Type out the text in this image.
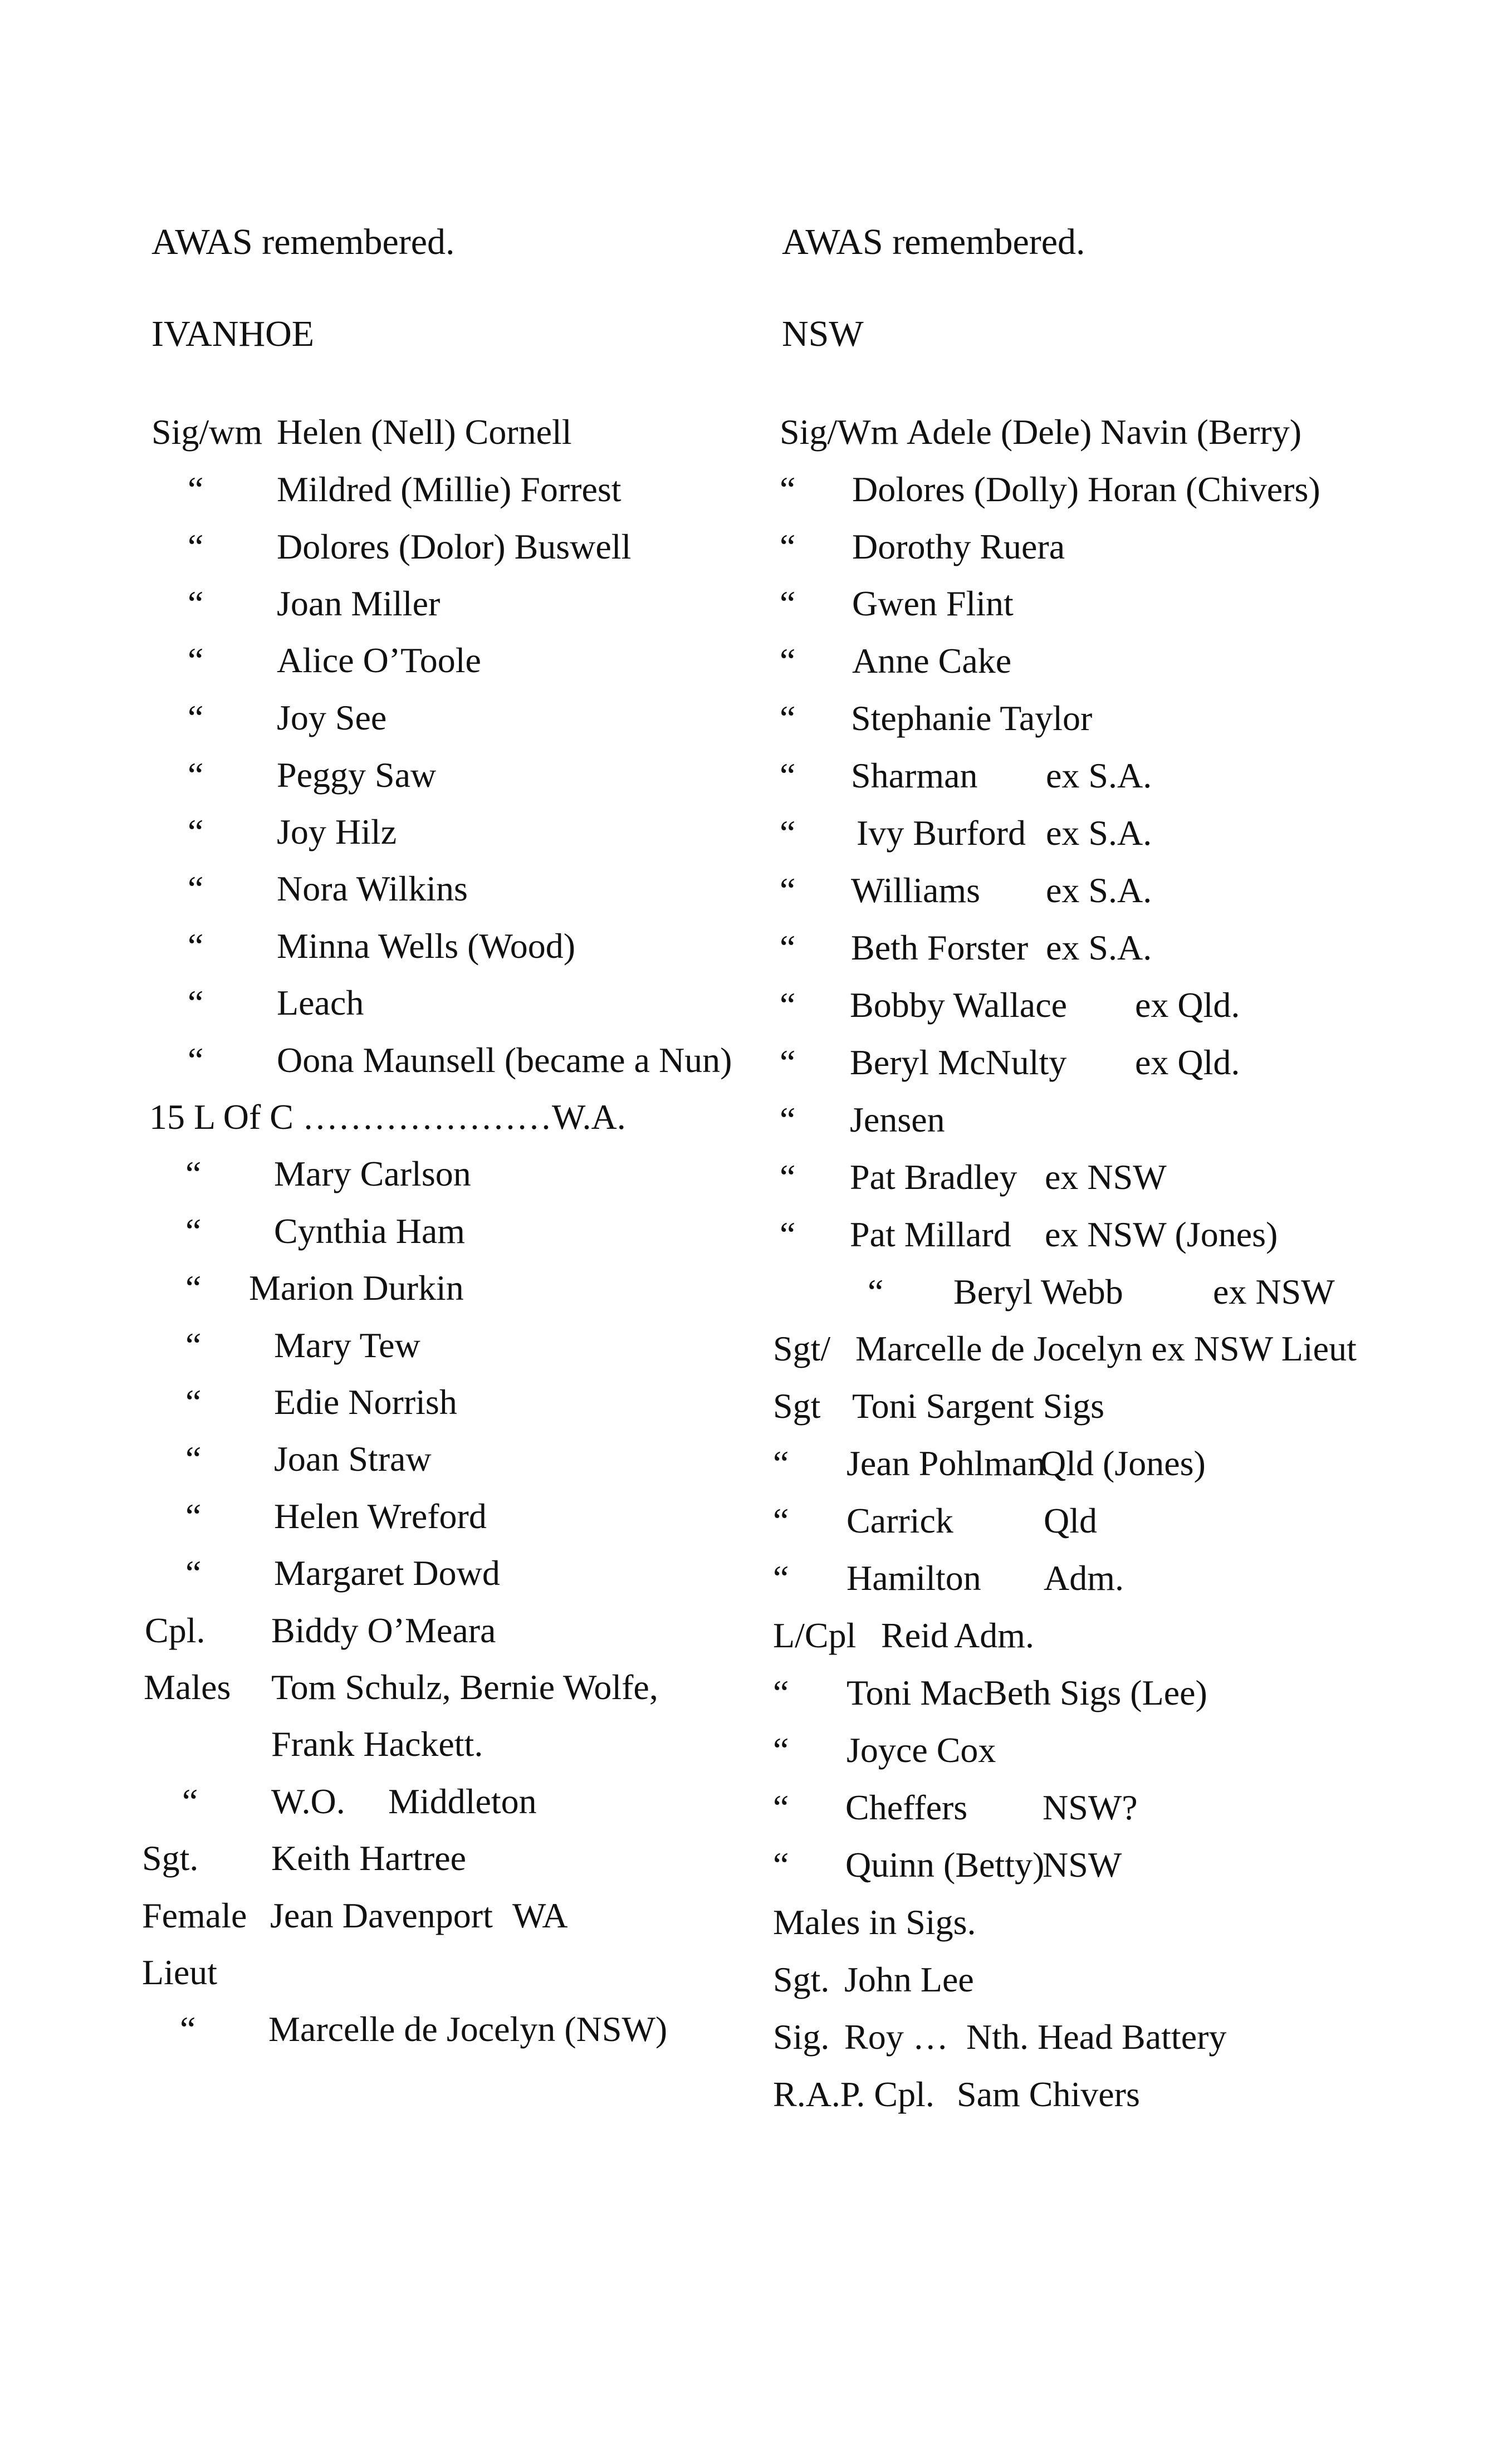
AWAS remembered.
IVANHOE
Sig/wm Helen (Nell) Cornell
“ Mildred (Millie) Forrest
“ Dolores (Dolor) Buswell
“ Joan Miller
“ Alice O’Toole
“ Joy See
“ Peggy Saw
“ Joy Hilz
“ Nora Wilkins
“ Minna Wells (Wood)
“ Leach
“ Oona Maunsell (became a Nun)
15 L Of C …………………W.A.
“ Mary Carlson
“ Cynthia Ham
“ Marion Durkin
“ Mary Tew
“ Edie Norrish
“ Joan Straw
“ Helen Wreford
“ Margaret Dowd
Cpl. Biddy O’Meara
Males Tom Schulz, Bernie Wolfe,
Frank Hackett.
“ W.O. Middleton
Sgt. Keith Hartree
Female Jean Davenport WA
Lieut
“ Marcelle de Jocelyn (NSW)
AWAS remembered.
NSW
Sig/Wm Adele (Dele) Navin (Berry)
“ Dolores (Dolly) Horan (Chivers)
“ Dorothy Ruera
“ Gwen Flint
“ Anne Cake
“ Stephanie Taylor
“ Sharman ex S.A.
“ Ivy Burford ex S.A.
“ Williams ex S.A.
“ Beth Forster ex S.A.
“ Bobby Wallace ex Qld.
“ Beryl McNulty ex Qld.
“ Jensen
“ Pat Bradley ex NSW
“ Pat Millard ex NSW (Jones)
“ Beryl Webb	ex NSW
Sgt/ Marcelle de Jocelyn ex NSW Lieut
Sgt Toni Sargent Sigs
“ Jean Pohlman
Qld (Jones)
“ Carrick	Qld
“ Hamilton Adm.
L/Cpl Reid Adm.
“ Toni MacBeth Sigs (Lee)
“ Joyce Cox
“ Cheffers NSW?
“ Quinn (Betty)
NSW
Males in Sigs.
Sgt. John Lee
Sig. Roy … Nth. Head Battery
R.A.P. Cpl. Sam Chivers
